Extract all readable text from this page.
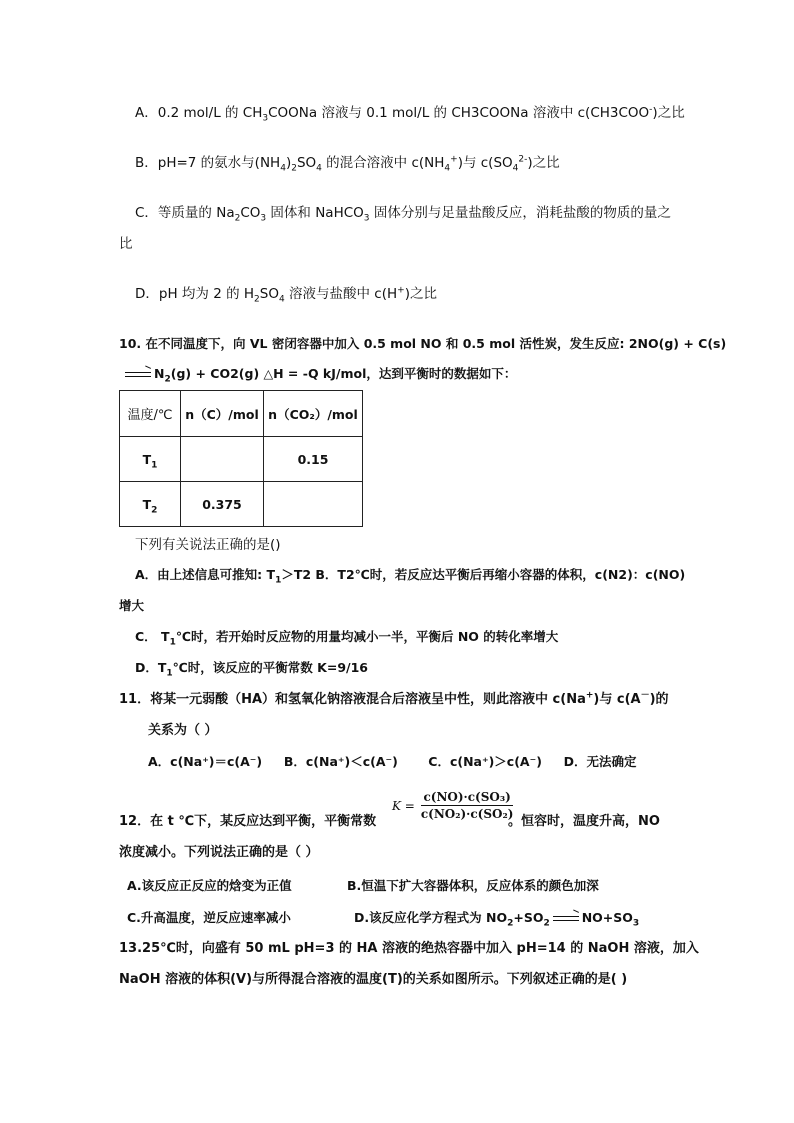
A．0.2 mol/L 的 $CH_3COONa$ 溶液与 0.1 mol/L 的 CH3COONa 溶液中 c(CH3COO-)之比
B．pH=7 的氨水与$(NH_4)_2SO_4$ 的混合溶液中 $c(NH_4^+)$与 $c(SO_4^{2-})$之比
C．等质量的 $Na_2CO_3$ 固体和 NaHCO$_3$ 固体分别与足量盐酸反应，消耗盐酸的物质的量之
比
D．pH 均为 2 的 $H_2SO_4$ 溶液与盐酸中 c(H+)之比
10. 在不同温度下，向 VL 密闭容器中加入 0.5 mol NO 和 0.5 mol 活性炭，发生反应: 2NO(g) + C(s)
→ $N_2(g) + CO2(g)$ △H = -Q kJ/mol，达到平衡时的数据如下：
温度/℃	n（C）/mol	n（CO₂）/mol
$T_1$		0.15
$T_2$	0.375	
下列有关说法正确的是()
A．由上述信息可推知: $T_1>T2$ B．T2℃时，若反应达平衡后再缩小容器的体积，c(N2)：c(NO)
增大
C． $T_1℃$时，若开始时反应物的用量均减小一半，平衡后 NO 的转化率增大
D．$T_1℃$时，该反应的平衡常数 K=9/16
11．将某一元弱酸（HA）和氢氧化钠溶液混合后溶液呈中性，则此溶液中 c(Na+)与 c(A－)的
关系为（ ）
A．c(Na⁺)＝c(A⁻)     B．c(Na⁺)＜c(A⁻)       C．c(Na⁺)＞c(A⁻)     D．无法确定
$K = \frac{\text{c(NO)·c(SO₃)}}{\text{c(NO₂)·c(SO₂)}}$
12．在 t ℃下，某反应达到平衡，平衡常数	。恒容时，温度升高，NO
浓度减小。下列说法正确的是（ ）
A.该反应正反应的焓变为正值	B.恒温下扩大容器体积，反应体系的颜色加深
C.升高温度，逆反应速率减小	D.该反应化学方程式为 $NO_2+SO_2 \to NO+SO_3$
13.25℃时，向盛有 50 mL pH=3 的 HA 溶液的绝热容器中加入 pH=14 的 NaOH 溶液，加入
NaOH 溶液的体积(V)与所得混合溶液的温度(T)的关系如图所示。下列叙述正确的是( )
